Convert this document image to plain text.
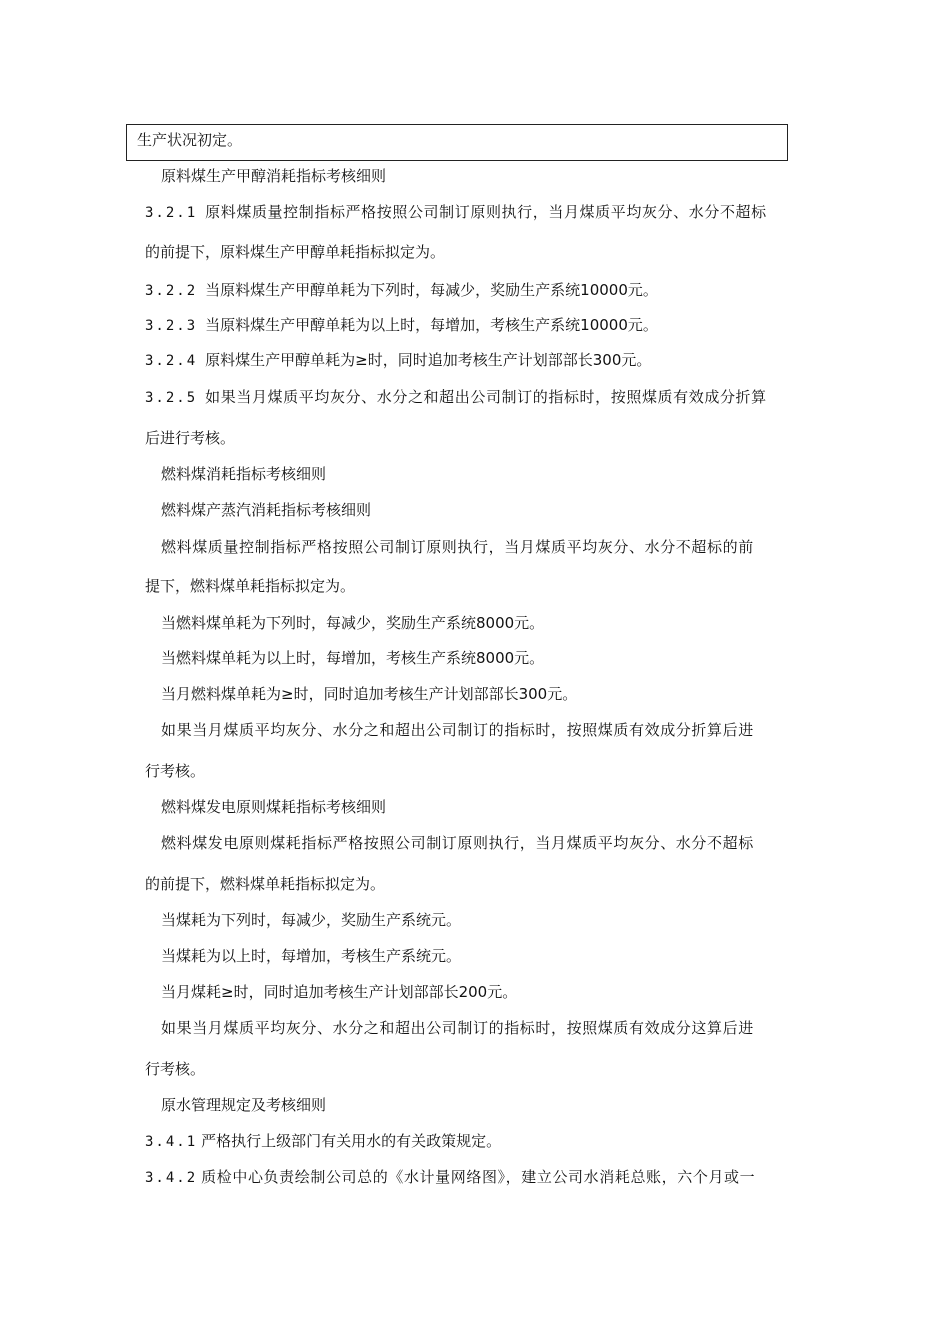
生产状况初定。
原料煤生产甲醇消耗指标考核细则
3.2.1 原料煤质量控制指标严格按照公司制订原则执行，当月煤质平均灰分、水分不超标
的前提下，原料煤生产甲醇单耗指标拟定为。
3.2.2 当原料煤生产甲醇单耗为下列时，每减少，奖励生产系统10000元。
3.2.3 当原料煤生产甲醇单耗为以上时，每增加，考核生产系统10000元。
3.2.4 原料煤生产甲醇单耗为≥时，同时追加考核生产计划部部长300元。
3.2.5 如果当月煤质平均灰分、水分之和超出公司制订的指标时，按照煤质有效成分折算
后进行考核。
燃料煤消耗指标考核细则
燃料煤产蒸汽消耗指标考核细则
燃料煤质量控制指标严格按照公司制订原则执行，当月煤质平均灰分、水分不超标的前
提下，燃料煤单耗指标拟定为。
当燃料煤单耗为下列时，每减少，奖励生产系统8000元。
当燃料煤单耗为以上时，每增加，考核生产系统8000元。
当月燃料煤单耗为≥时，同时追加考核生产计划部部长300元。
如果当月煤质平均灰分、水分之和超出公司制订的指标时，按照煤质有效成分折算后进
行考核。
燃料煤发电原则煤耗指标考核细则
燃料煤发电原则煤耗指标严格按照公司制订原则执行，当月煤质平均灰分、水分不超标
的前提下，燃料煤单耗指标拟定为。
当煤耗为下列时，每减少，奖励生产系统元。
当煤耗为以上时，每增加，考核生产系统元。
当月煤耗≥时，同时追加考核生产计划部部长200元。
如果当月煤质平均灰分、水分之和超出公司制订的指标时，按照煤质有效成分这算后进
行考核。
原水管理规定及考核细则
3.4.1 严格执行上级部门有关用水的有关政策规定。
3.4.2 质检中心负责绘制公司总的《水计量网络图》，建立公司水消耗总账，六个月或一
